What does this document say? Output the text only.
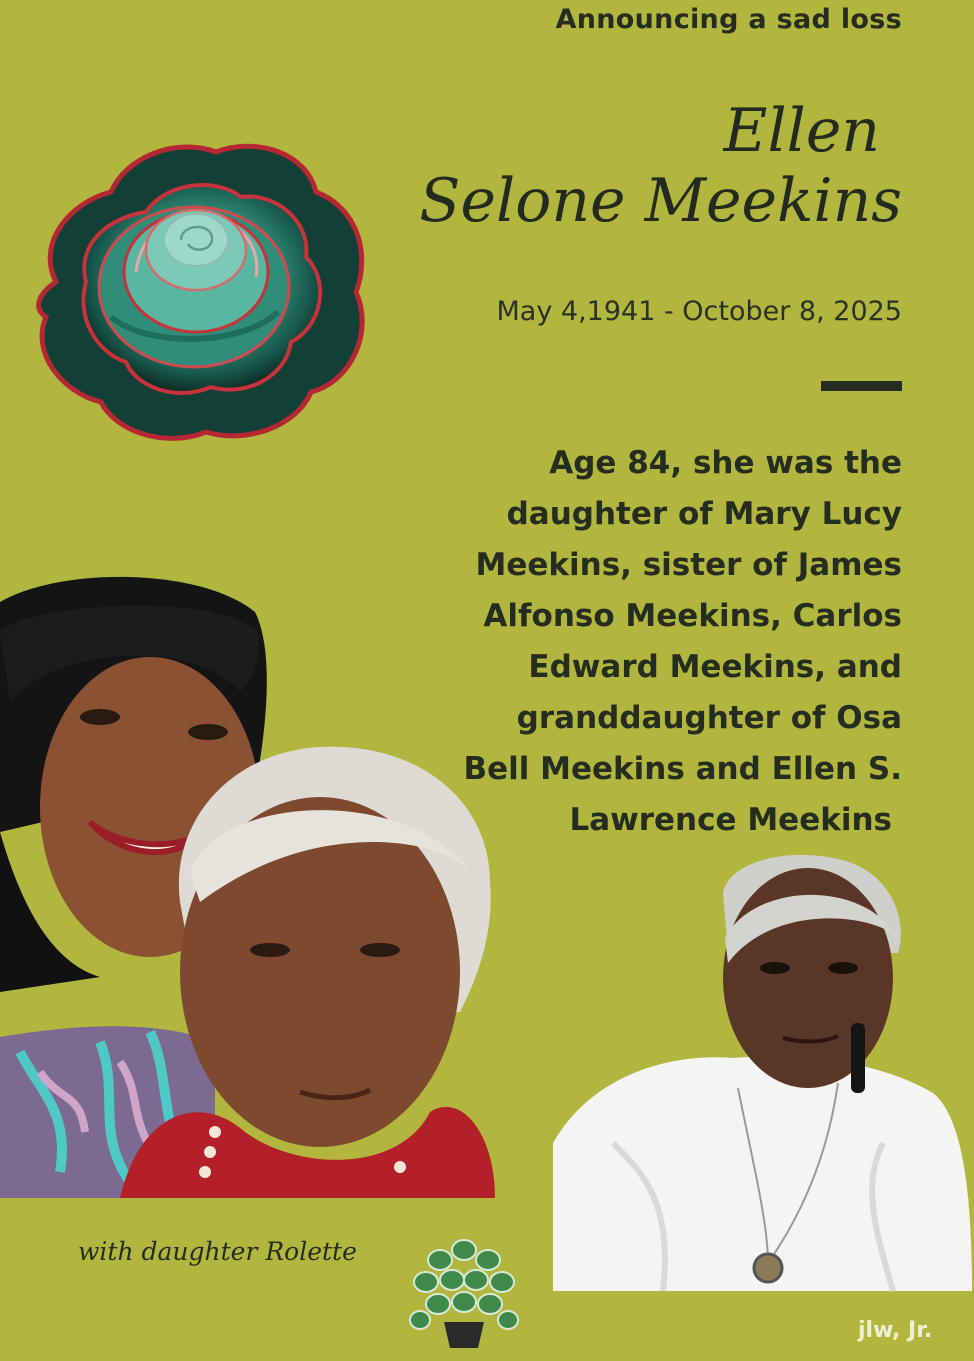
Announcing a sad loss
Ellen
Selone Meekins
May 4,1941 - October 8, 2025
Age 84, she was the
daughter of Mary Lucy
Meekins, sister of James
Alfonso Meekins, Carlos
Edward Meekins, and
granddaughter of Osa
Bell Meekins and Ellen S.
Lawrence Meekins
with daughter Rolette
jlw, Jr.
